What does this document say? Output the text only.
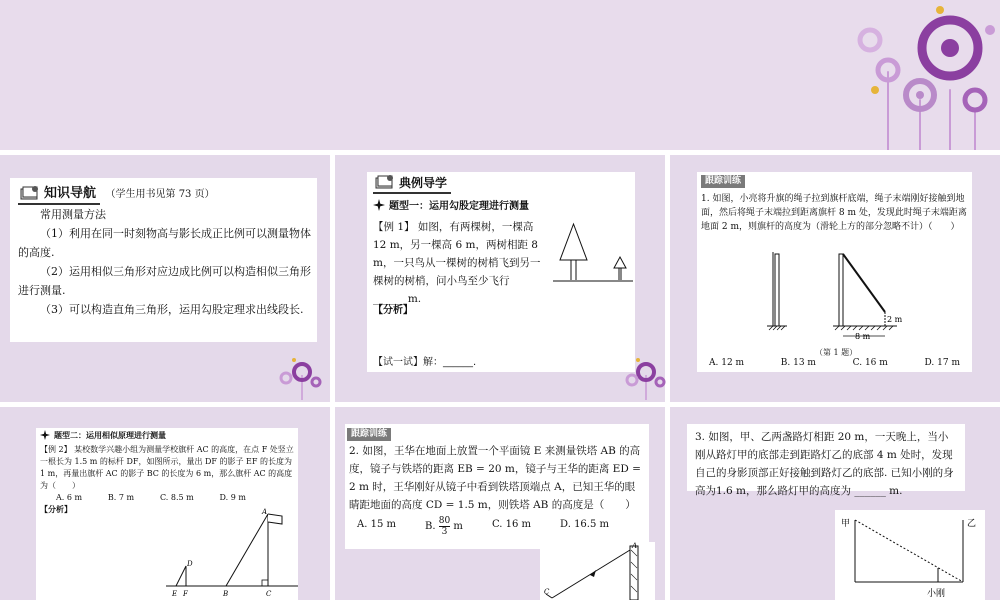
知识导航 （学生用书见第 73 页）
常用测量方法
（1）利用在同一时刻物高与影长成正比例可以测量物体的高度.
（2）运用相似三角形对应边成比例可以构造相似三角形进行测量.
（3）可以构造直角三角形，运用勾股定理求出线段长.
典例导学
题型一：运用勾股定理进行测量
【例 1】 如图，有两棵树，一棵高 12 m，另一棵高 6 m，两树相距 8 m，一只鸟从一棵树的树梢飞到另一棵树的树梢，问小鸟至少飞行 ______ m.
【分析】
【试一试】解：______.
跟踪训练
1. 如图，小亮将升旗的绳子拉到旗杆底端，绳子末端刚好接触到地面，然后将绳子末端拉到距离旗杆 8 m 处，发现此时绳子末端距离地面 2 m，则旗杆的高度为（滑轮上方的部分忽略不计）（　　）
8 m
2 m
（第 1 题）
A. 12 m	B. 13 m	C. 16 m	D. 17 m
题型二：运用相似原理进行测量
【例 2】 某校数学兴趣小组为测量学校旗杆 AC 的高度，在点 F 处竖立一根长为 1.5 m 的标杆 DF，如图所示，量出 DF 的影子 EF 的长度为 1 m，再量出旗杆 AC 的影子 BC 的长度为 6 m，那么旗杆 AC 的高度为（　　）
A. 6 m	B. 7 m	C. 8.5 m	D. 9 m
【分析】	A
B	C
D
E F
跟踪训练
2. 如图，王华在地面上放置一个平面镜 E 来测量铁塔 AB 的高度，镜子与铁塔的距离 EB = 20 m，镜子与王华的距离 ED = 2 m 时，王华刚好从镜子中看到铁塔顶端点 A，已知王华的眼睛距地面的高度 CD = 1.5 m，则铁塔 AB 的高度是（　　）
A. 15 m	B. $\frac{80}{3}$ m	C. 16 m	D. 16.5 m
A
C
3. 如图，甲、乙两盏路灯相距 20 m，一天晚上，当小刚从路灯甲的底部走到距路灯乙的底部 4 m 处时，发现自己的身影顶部正好接触到路灯乙的底部. 已知小刚的身高为1.6 m，那么路灯甲的高度为 ______ m.
甲	乙
小刚
